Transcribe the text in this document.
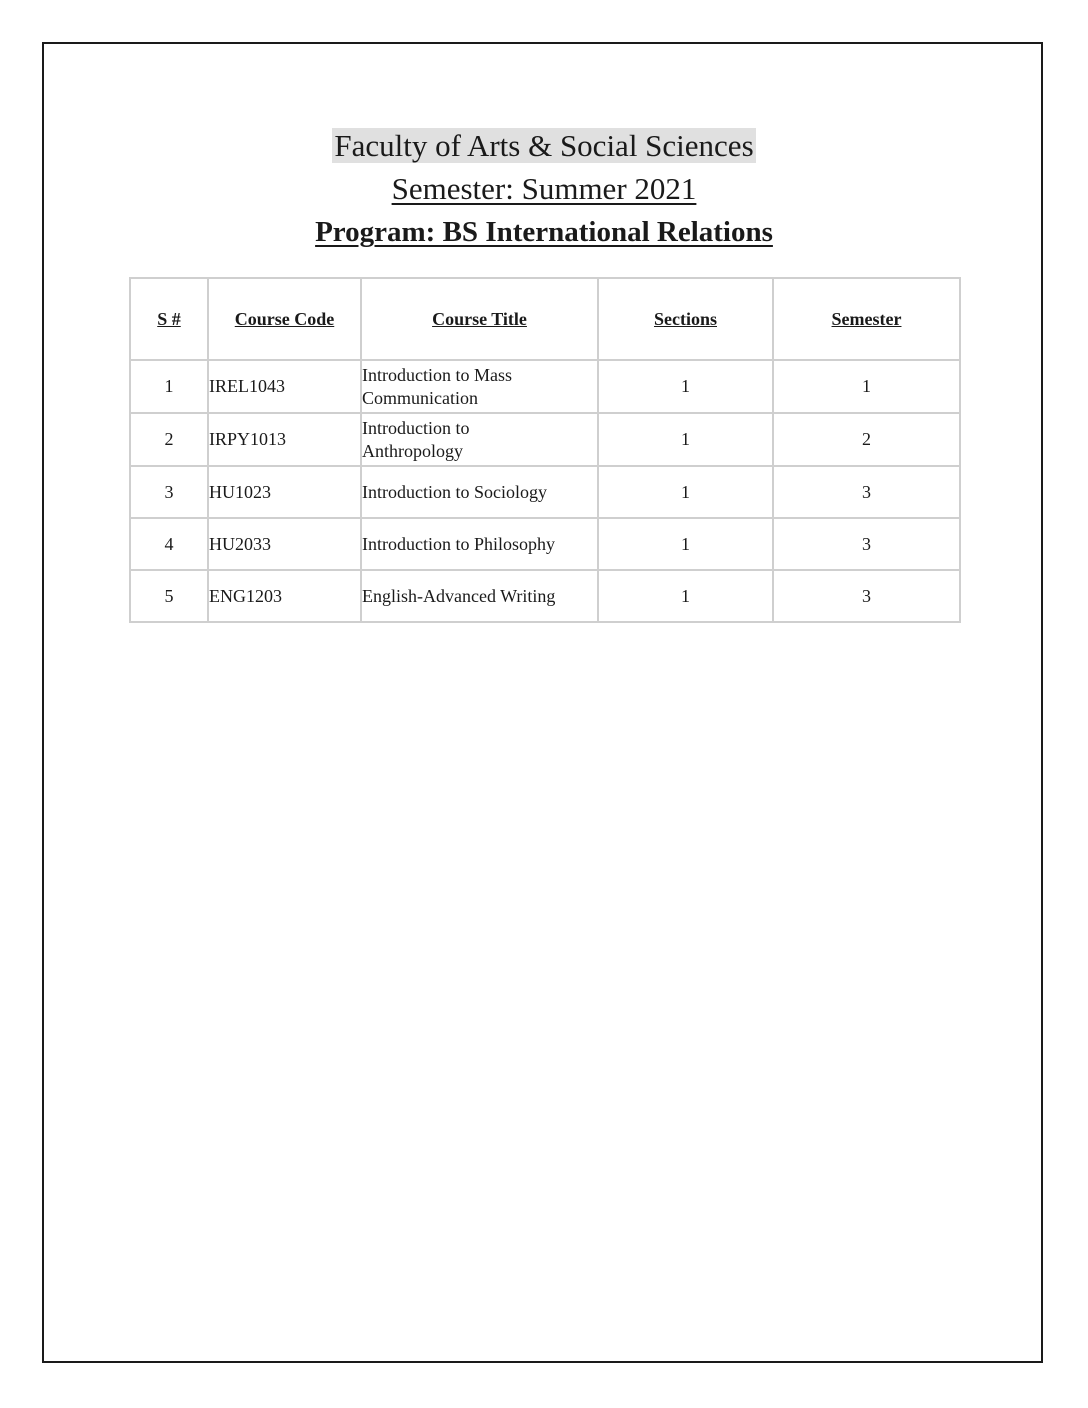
Faculty of Arts & Social Sciences
Semester: Summer 2021
Program: BS International Relations
S #	Course Code	Course Title	Sections	Semester
1	IREL1043	Introduction to Mass Communication	1	1
2	IRPY1013	Introduction to Anthropology	1	2
3	HU1023	Introduction to Sociology	1	3
4	HU2033	Introduction to Philosophy	1	3
5	ENG1203	English-Advanced Writing	1	3
